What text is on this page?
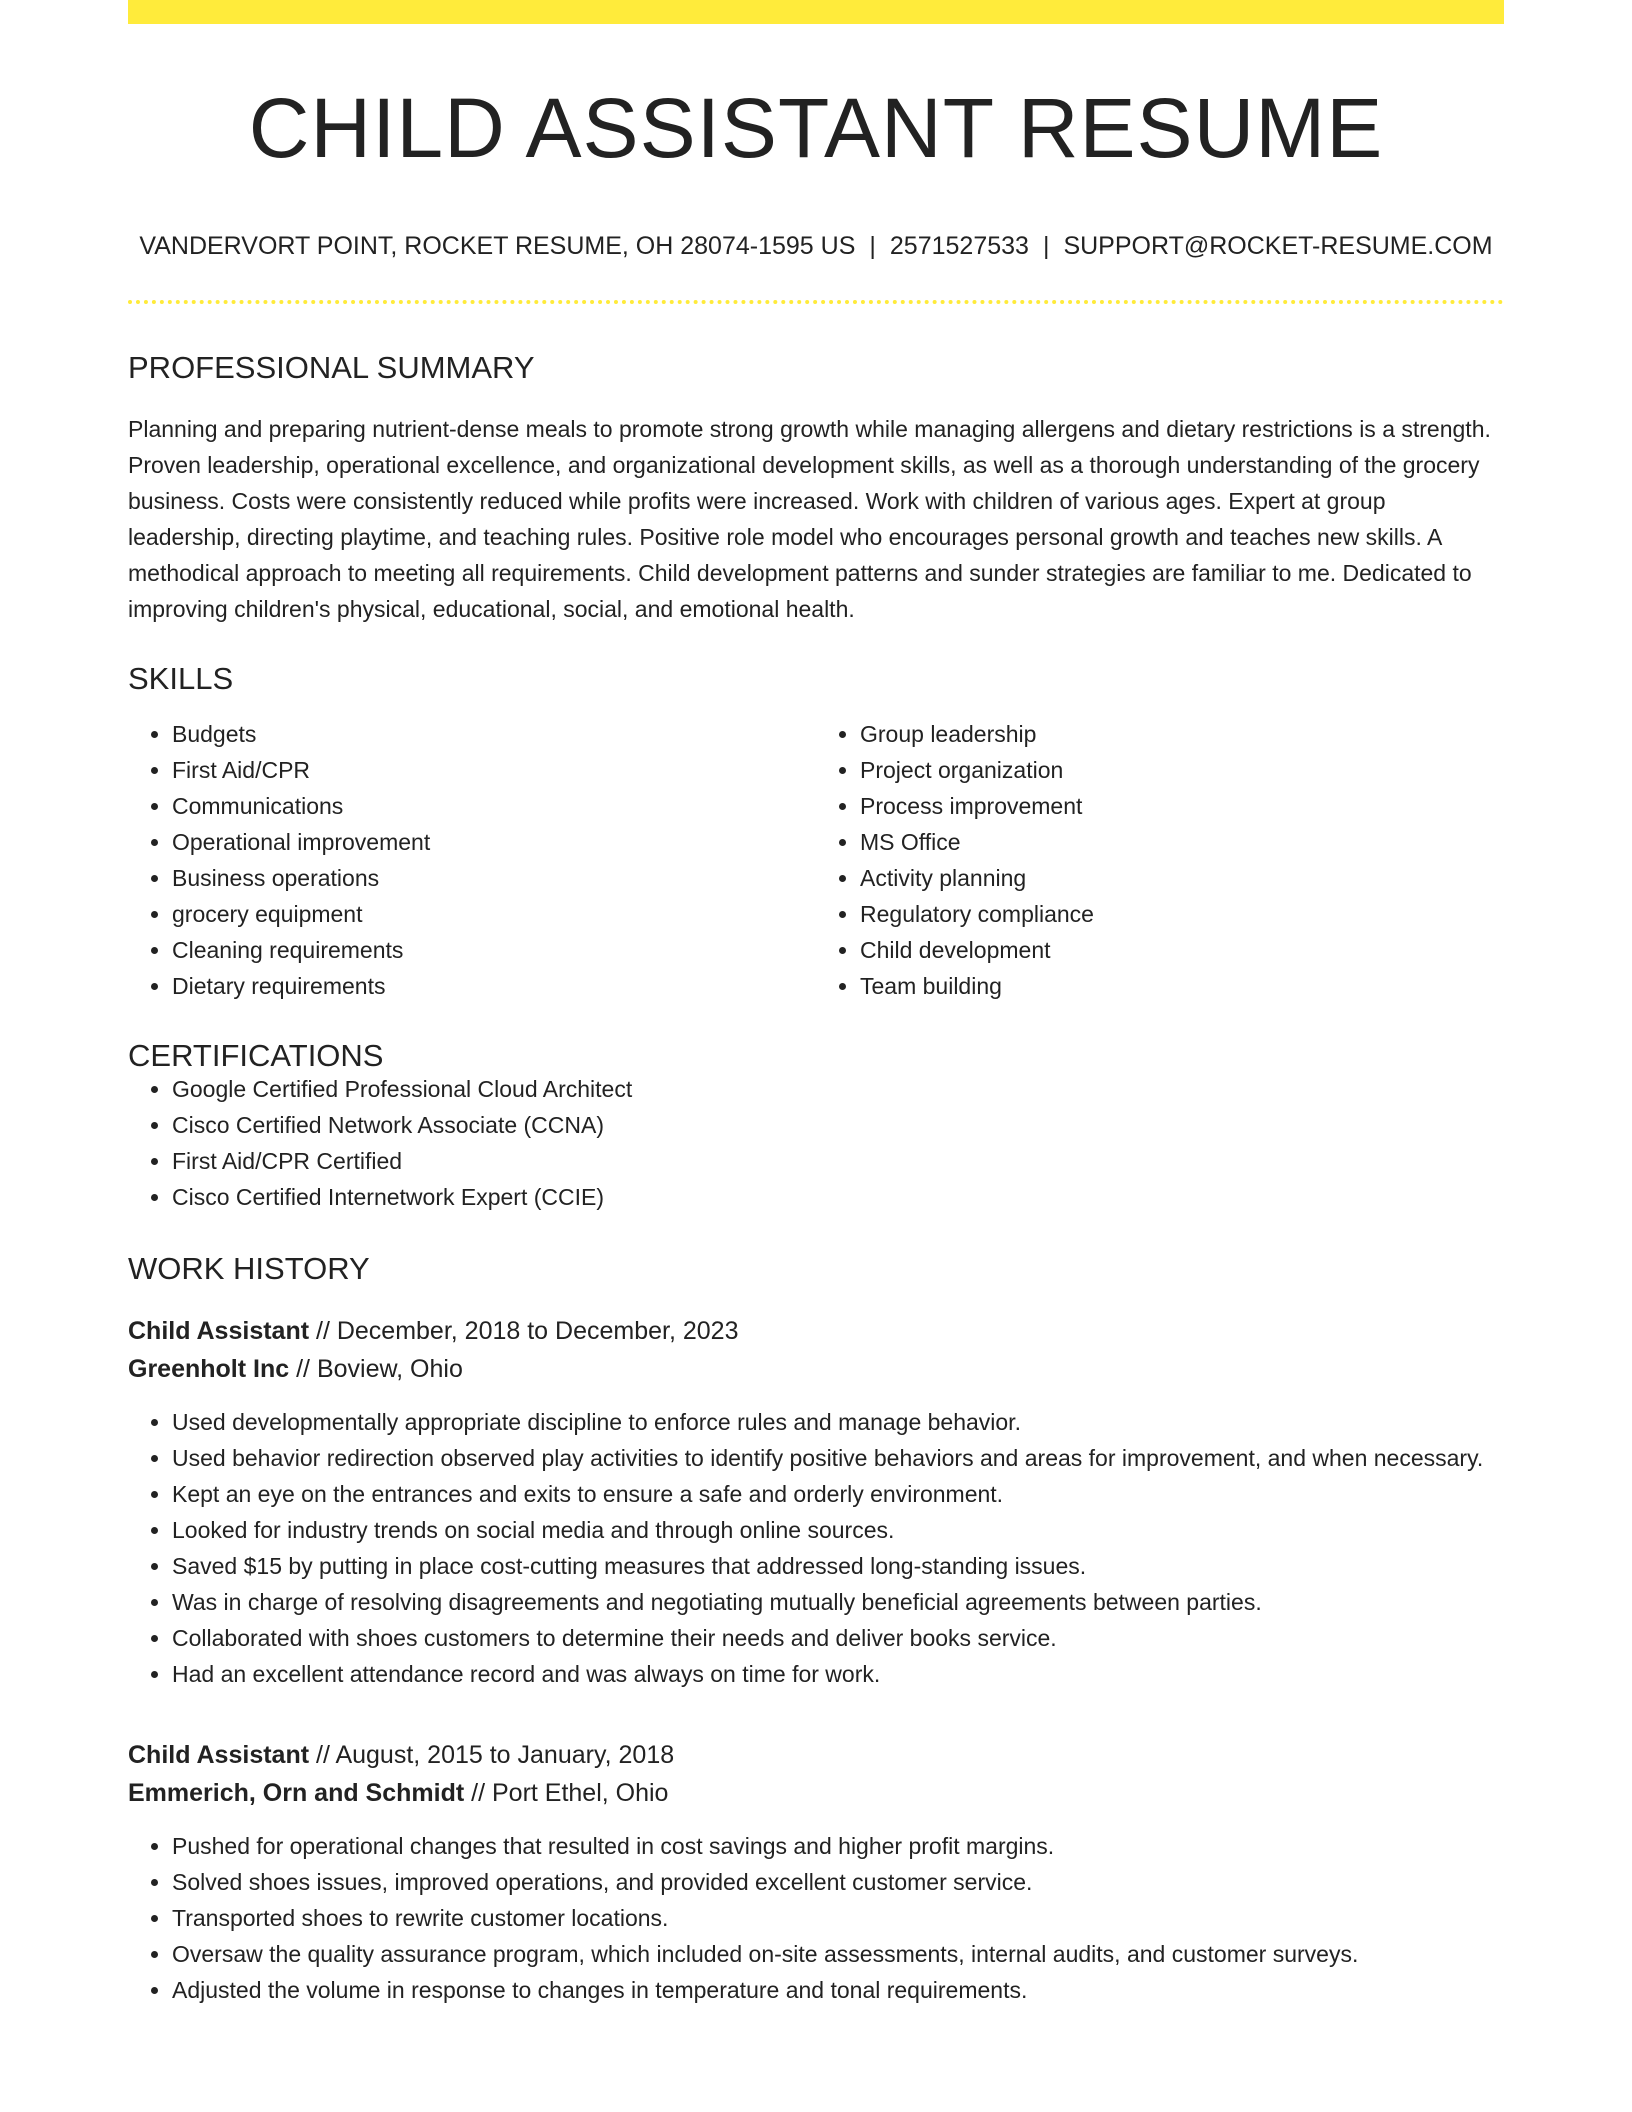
CHILD ASSISTANT RESUME
VANDERVORT POINT, ROCKET RESUME, OH 28074-1595 US | 2571527533 | SUPPORT@ROCKET-RESUME.COM
PROFESSIONAL SUMMARY

Planning and preparing nutrient-dense meals to promote strong growth while managing allergens and dietary restrictions is a strength. Proven leadership, operational excellence, and organizational development skills, as well as a thorough understanding of the grocery business. Costs were consistently reduced while profits were increased. Work with children of various ages. Expert at group leadership, directing playtime, and teaching rules. Positive role model who encourages personal growth and teaches new skills. A methodical approach to meeting all requirements. Child development patterns and sunder strategies are familiar to me. Dedicated to improving children's physical, educational, social, and emotional health.

SKILLS
• Budgets
• First Aid/CPR
• Communications
• Operational improvement
• Business operations
• grocery equipment
• Cleaning requirements
• Dietary requirements
• Group leadership
• Project organization
• Process improvement
• MS Office
• Activity planning
• Regulatory compliance
• Child development
• Team building
CERTIFICATIONS
• Google Certified Professional Cloud Architect
• Cisco Certified Network Associate (CCNA)
• First Aid/CPR Certified
• Cisco Certified Internetwork Expert (CCIE)
WORK HISTORY
Child Assistant // December, 2018 to December, 2023
Greenholt Inc // Boview, Ohio
• Used developmentally appropriate discipline to enforce rules and manage behavior.
• Used behavior redirection observed play activities to identify positive behaviors and areas for improvement, and when necessary.
• Kept an eye on the entrances and exits to ensure a safe and orderly environment.
• Looked for industry trends on social media and through online sources.
• Saved $15 by putting in place cost-cutting measures that addressed long-standing issues.
• Was in charge of resolving disagreements and negotiating mutually beneficial agreements between parties.
• Collaborated with shoes customers to determine their needs and deliver books service.
• Had an excellent attendance record and was always on time for work.
Child Assistant // August, 2015 to January, 2018
Emmerich, Orn and Schmidt // Port Ethel, Ohio
• Pushed for operational changes that resulted in cost savings and higher profit margins.
• Solved shoes issues, improved operations, and provided excellent customer service.
• Transported shoes to rewrite customer locations.
• Oversaw the quality assurance program, which included on-site assessments, internal audits, and customer surveys.
• Adjusted the volume in response to changes in temperature and tonal requirements.
